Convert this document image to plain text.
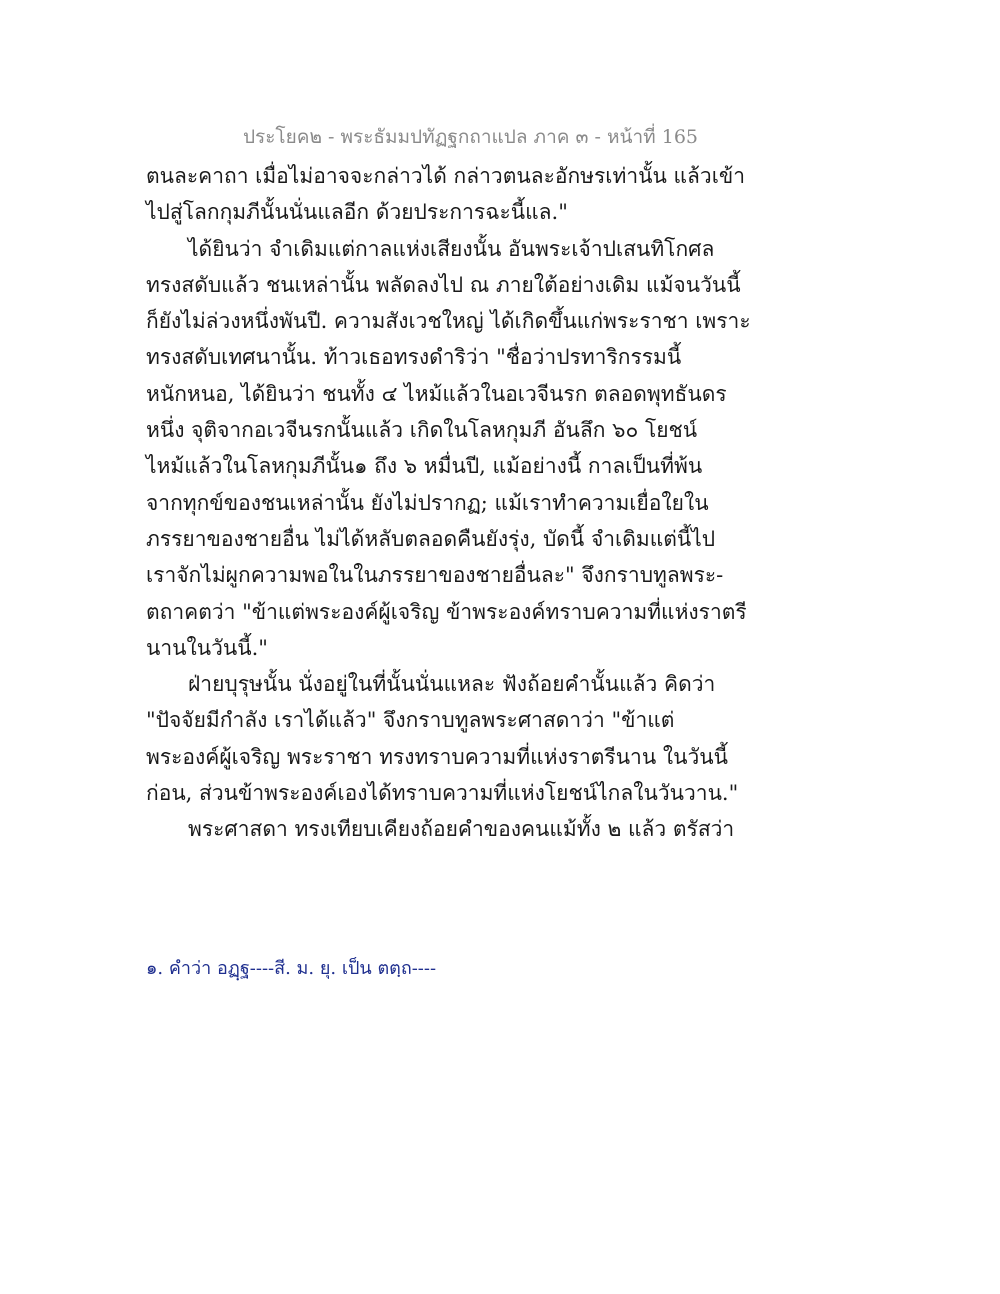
ประโยค๒ - พระธัมมปทัฏฐกถาแปล ภาค ๓ - หน้าที่ 165
ตนละคาถา เมื่อไม่อาจจะกล่าวได้ กล่าวตนละอักษรเท่านั้น แล้วเข้า
ไปสู่โลกกุมภีนั้นนั่นแลอีก ด้วยประการฉะนี้แล."
ได้ยินว่า จำเดิมแต่กาลแห่งเสียงนั้น อันพระเจ้าปเสนทิโกศล
ทรงสดับแล้ว ชนเหล่านั้น พลัดลงไป ณ ภายใต้อย่างเดิม แม้จนวันนี้
ก็ยังไม่ล่วงหนึ่งพันปี. ความสังเวชใหญ่ ได้เกิดขึ้นแก่พระราชา เพราะ
ทรงสดับเทศนานั้น. ท้าวเธอทรงดำริว่า "ชื่อว่าปรทาริกรรมนี้
หนักหนอ, ได้ยินว่า ชนทั้ง ๔ ไหม้แล้วในอเวจีนรก ตลอดพุทธันดร
หนึ่ง จุติจากอเวจีนรกนั้นแล้ว เกิดในโลหกุมภี อันลึก ๖๐ โยชน์
ไหม้แล้วในโลหกุมภีนั้น๑ ถึง ๖ หมื่นปี, แม้อย่างนี้ กาลเป็นที่พ้น
จากทุกข์ของชนเหล่านั้น ยังไม่ปรากฏ; แม้เราทำความเยื่อใยใน
ภรรยาของชายอื่น ไม่ได้หลับตลอดคืนยังรุ่ง, บัดนี้ จำเดิมแต่นี้ไป
เราจักไม่ผูกความพอในในภรรยาของชายอื่นละ" จึงกราบทูลพระ-
ตถาคตว่า "ข้าแต่พระองค์ผู้เจริญ ข้าพระองค์ทราบความที่แห่งราตรี
นานในวันนี้."
ฝ่ายบุรุษนั้น นั่งอยู่ในที่นั้นนั่นแหละ ฟังถ้อยคำนั้นแล้ว คิดว่า
"ปัจจัยมีกำลัง เราได้แล้ว" จึงกราบทูลพระศาสดาว่า "ข้าแต่
พระองค์ผู้เจริญ พระราชา ทรงทราบความที่แห่งราตรีนาน ในวันนี้
ก่อน, ส่วนข้าพระองค์เองได้ทราบความที่แห่งโยชน์ไกลในวันวาน."
พระศาสดา ทรงเทียบเคียงถ้อยคำของคนแม้ทั้ง ๒ แล้ว ตรัสว่า
๑. คำว่า อฏฺฐ----สี. ม. ยุ. เป็น ตตฺถ----
